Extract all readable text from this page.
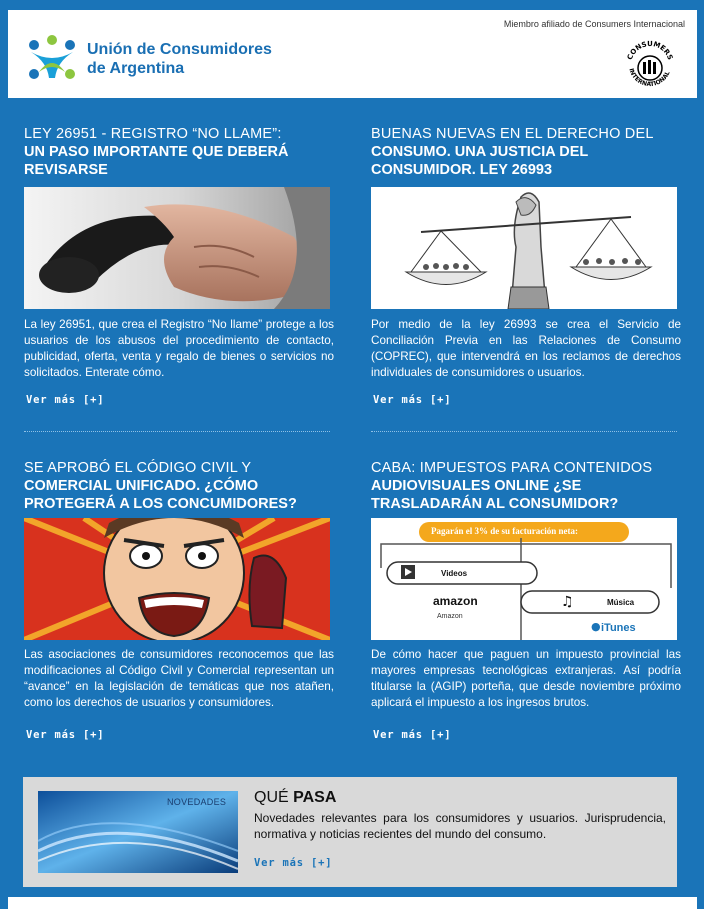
Miembro afiliado de Consumers Internacional
Unión de Consumidores
de Argentina
CONSUMERS
INTERNATIONAL
LEY 26951 - REGISTRO “NO LLAME”:
UN PASO IMPORTANTE QUE DEBERÁ
REVISARSE
La ley 26951, que crea el Registro “No llame” protege a los usuarios de los abusos del procedimiento de contacto, publicidad, oferta, venta y regalo de bienes o servicios no solicitados. Enterate cómo.
Ver más [+]
BUENAS NUEVAS EN EL DERECHO DEL
CONSUMO. UNA JUSTICIA DEL
CONSUMIDOR. LEY 26993
Por medio de la ley 26993 se crea el Servicio de Conciliación Previa en las Relaciones de Consumo (COPREC), que intervendrá en los reclamos de derechos individuales de consumidores o usuarios.
Ver más [+]
SE APROBÓ EL CÓDIGO CIVIL Y
COMERCIAL UNIFICADO. ¿CÓMO
PROTEGERÁ A LOS CONCUMIDORES?
Las asociaciones de consumidores reconocemos que las modificaciones al Código Civil y Comercial representan un “avance” en la legislación de temáticas que nos atañen, como los derechos de usuarios y consumidores.
Ver más [+]
CABA: IMPUESTOS PARA CONTENIDOS
AUDIOVISUALES ONLINE ¿SE
TRASLADARÁN AL CONSUMIDOR?
♫
●
Pagarán el 3% de su facturación neta:
Videos
amazon
Amazon
Música
iTunes
De cómo hacer que paguen un impuesto provincial las mayores empresas tecnológicas extranjeras. Así podría titularse la (AGIP) porteña, que desde noviembre próximo aplicará el impuesto a los ingresos brutos.
Ver más [+]
NOVEDADES QUÉ PASA
Novedades relevantes para los consumidores y usuarios. Jurisprudencia, normativa y noticias recientes del mundo del consumo.
Ver más [+]
